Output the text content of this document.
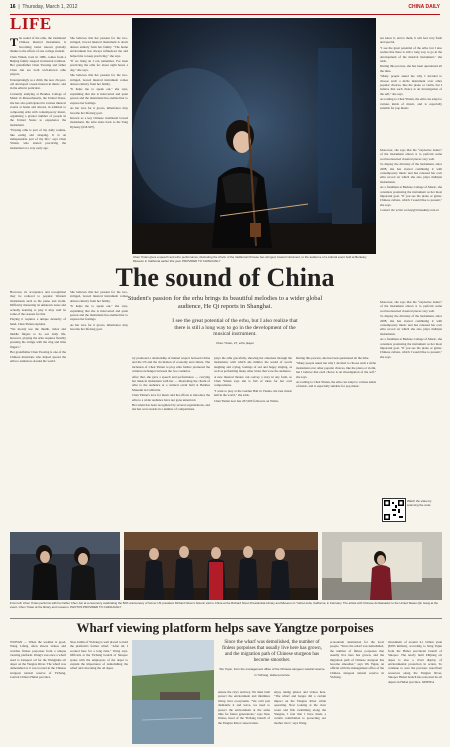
16  |  Thursday, March 1, 2012	CHINA DAILY
LIFE

The sound of the erhu, the traditional Chinese musical instrument, is becoming better known globally thanks to the efforts of one college student.

Chen Yinian, born in 1986, comes from a Beijing family steeped in musical tradition. Her grandfather Chen Yaoxing and father Chen Jun are both well-known erhu players.

Unsurprisingly as a child, the now 26-year-old developed a keen interest in music, and in the erhu in particular.

Currently studying at Berklee College of Music in Massachusetts, the United States, she has also participated in various musical events at home and abroad, in addition to composing erhu with contemporary music, organizing a greater number of people in the United States to experience the instrument.

"Playing erhu is part of my daily routine, like eating and sleeping. It is an indispensable part of my life," says Chen Yinian, who started practicing the instrument at a very early age.

She believes that her passion for the two-stringed, bowed musical instrument is down almost entirely from her family. "The home environment has always influenced me and helped me to keep practicing," she says.

"If we bring an I can remember, I've been practicing the erhu for about eight hours a day," she says.

She believes that her passion for the two-stringed, bowed musical instrument comes almost entirely from her family.

"It helps me to speak out," she says, explaining that she is introverted and quiet person and the instrument has enabled her to express her feelings.

As her love for it grows, inheritance may become her lifelong goal.

Known as a key Chinese traditional bowed instrument, the erhu dates back to the Tang Dynasty (618-907).

Chen Yinian gives a speech and erhu performance, illustrating the charm of the traditional Chinese two-stringed, bowed instrument, to the audience of a cultural event held at Berkeley Museum in California earlier this year. PROVIDED TO CHINA DAILY

not know it, and to them, it will feel very fresh and special.

"I see the great potential of the erhu, but I also realize that there is still a long way to go in the development of the musical instrument," she adds.

During this process, she has been questioned all the time.

"Many people asked me why I decided to choose such a niche instrument over other popular choices, like the piano or violin, but I believe that each choice is an investigation of the self," she says.

According to Chen Yinian, the erhu can adapt to various kinds of music, and is especially suitable for pop music.

Moreover, she says that the "explosive nature" of the instrument allows it to perform some world-renowned classical pieces very well.

To display the diversity of the instrument, since 2008, she has started combining it with contemporary music and has released her own erhu record on which she also plays multiple instruments.

As a freshman at Berklee College of Music, she considers promoting the instrument as her most important goal. "If you see the piano or guitar, Chinese culture, which I would like to present," she says.

Contact the writer at heqi@chinadaily.com.cn

The sound of China
Student's passion for the erhu brings its beautiful melodies to a wider global audience, He Qi reports in Shanghai.

However, its acceptance and recognition may be reduced to popular Western instruments such as the piano and violin. Difficulty mastering its unknown tones and actually learning to play it may well be some of the reasons for this.

Playing it requires a unique dexterity of hand, Chen Yinian explains.

"We mostly use the thumb, index and middle fingers to do our daily life, however, playing the erhu requires flexibly pressing the strings with the ring and little fingers."

Her grandfather Chen Yaoxing is one of the Chinese musicians who helped spread the erhu to audiences around the world.

She believes that her passion for the two-stringed, bowed musical instrument comes almost entirely from her family.

"It helps me to speak out," she says, explaining that she is introverted and quiet person and the instrument has enabled her to express her feelings.

As her love for it grows, inheritance may become her lifelong goal.

I see the great potential of the erhu, but I also realize that there is still a long way to go in the development of the musical instrument.
Chen Yinian, 27, erhu player

try promoted a relationship of mutual respect between China and the US and the circulation of economy and culture. The inclusion of Chen Yinian to play erhu further promoted the cultural exchanges between the two countries.

After that, she gave a speech and performance — carrying her musical instrument with her — illustrating the charm of erhu to the audience at a cultural event held at Berklee Museum in California.

Chen Yinian's love for music and her efforts to introduce the erhu to a wider audience have not gone unnoticed.

Her talent has been recognized by several organizations, and she has won awards in a number of competitions.

plays the erhu gracefully, showing her emotions through the instrument, with which she mimics the sound of words laughing and crying, feelings of sad and happy singing, as well as performing many other tricks that wow the audience.

A new musical theater can convey a story in any form, so Chen Yinian says she is full of ideas for her own compositions.

"I want to play at the Golden Hall in Vienna, the best music hall in the world," she adds.

Chen Yinian now has 267,000 followers on Weibo.

During this process, she has been questioned all the time.

"Many people asked me why I decided to choose such a niche instrument over other popular choices, like the piano or violin, but I believe that each choice is an investigation of the self," she says.

According to Chen Yinian, the erhu can adapt to various kinds of music, and is especially suitable for pop music.

Moreover, she says that the "explosive nature" of the instrument allows it to perform some world-renowned classical pieces very well.

To display the diversity of the instrument, since 2008, she has started combining it with contemporary music and has released her own erhu record on which she also plays multiple instruments.

As a freshman at Berklee College of Music, she considers promoting the instrument as her most important goal. "If you see the piano or guitar, Chinese culture, which I would like to present," she says.

Watch the video by scanning the code
From left: Chen Yinian performs with her father Chen Jun at a ceremony celebrating the 50th anniversary of former US president Richard Nixon's historic visit to China at the Richard Nixon Presidential Library and Museum in Yorba Linda, California, in February. The artists with Chinese Ambassador to the United States Qin Gang at the event. Chen Yinian at the library and museum. PHOTOS PROVIDED TO CHINA DAILY
Wharf viewing platform helps save Yangtze porpoises

WUHAN — When the weather is good, Wang Lifeng often shoots videos and watches finless porpoises from a unique viewing platform. Wang's was once a wharf used to transport oil for the Wangjiahe oil depot on the Yangtze River. The wharf was demolished as it was located in the Chinese sturgeon natural reserve of Yichang, Central China's Hubei province.

Xiao Junlin of Yichang is well placed to hold the platform's former wharf. "After all, I worked here for a long time," Wang says. Officials at the Yichang branch of Sinopec spoke with the employees of the depot to explain the importance of demolishing the wharf and relocating the oil depot.

Since the wharf was demolished, the number of finless porpoises that usually live here has grown, and the migration path of Chinese sturgeon has become smoother.
Wu Yujun, from the management office of the Chinese sturgeon natural reserve in Yichang, Hubei province

ensure the city's territory. We must both protect the environment and minimize living river ecosystems. "We can't just dismantle it and leave, we need to protect the environment at the same time for future generations," says Xiao Jinbao, head of the Yichang branch of the Yangtze River conservation.

enjoy taking photos and videos here. "The wharf and barges did a certain impact on the Yangtze River while operating. Now looking at the clear water and fish swimming along the Yangtze, I feel that I have made a certain contribution to protecting our mother river," says Wang.

ecotourism destination for the local people. "Since the wharf was demolished, the number of finless porpoises that usually live here has grown, and the migration path of Chinese sturgeon has become smoother," says Wu Yujun, an official with the management office of the Chinese sturgeon natural reserve in Yichang.

investment of around 4.1 billion yuan ($585 million), according to Xing Yajun from the Hubei provincial branch of Sinopec. The newly built Zhijiang oil depot is also a vivid display of environmental protection in action. To continue to save the precious waterfront resources along the Yangtze River, Sinopec Hubei branch has relocated its oil depots in Hubei province. XINHUA
